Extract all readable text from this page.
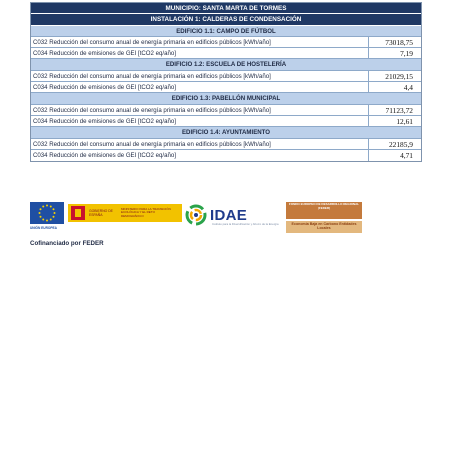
MUNICIPIO: SANTA MARTA DE TORMES
INSTALACIÓN 1: CALDERAS DE CONDENSACIÓN
EDIFICIO 1.1: CAMPO DE FÚTBOL
C032 Reducción del consumo anual de energía primaria en edificios públicos [kWh/año]	73018,75
C034 Reducción de emisiones de GEI [tCO2 eq/año]	7,19
EDIFICIO 1.2: ESCUELA DE HOSTELERÍA
C032 Reducción del consumo anual de energía primaria en edificios públicos [kWh/año]	21029,15
C034 Reducción de emisiones de GEI [tCO2 eq/año]	4,4
EDIFICIO 1.3: PABELLÓN MUNICIPAL
C032 Reducción del consumo anual de energía primaria en edificios públicos [kWh/año]	71123,72
C034 Reducción de emisiones de GEI [tCO2 eq/año]	12,61
EDIFICIO 1.4: AYUNTAMIENTO
C032 Reducción del consumo anual de energía primaria en edificios públicos [kWh/año]	22185,9
C034 Reducción de emisiones de GEI [tCO2 eq/año]	4,71
UNIÓN EUROPEA
GOBIERNO DE ESPAÑA
MINISTERIO PARA LA TRANSICIÓN ECOLÓGICA Y EL RETO DEMOGRÁFICO	IDAE
Instituto para la Diversificación y Ahorro de la Energía
FONDO EUROPEO DE DESARROLLO REGIONAL (FEDER)
Economía Baja en Carbono Entidades Locales
Cofinanciado por FEDER
